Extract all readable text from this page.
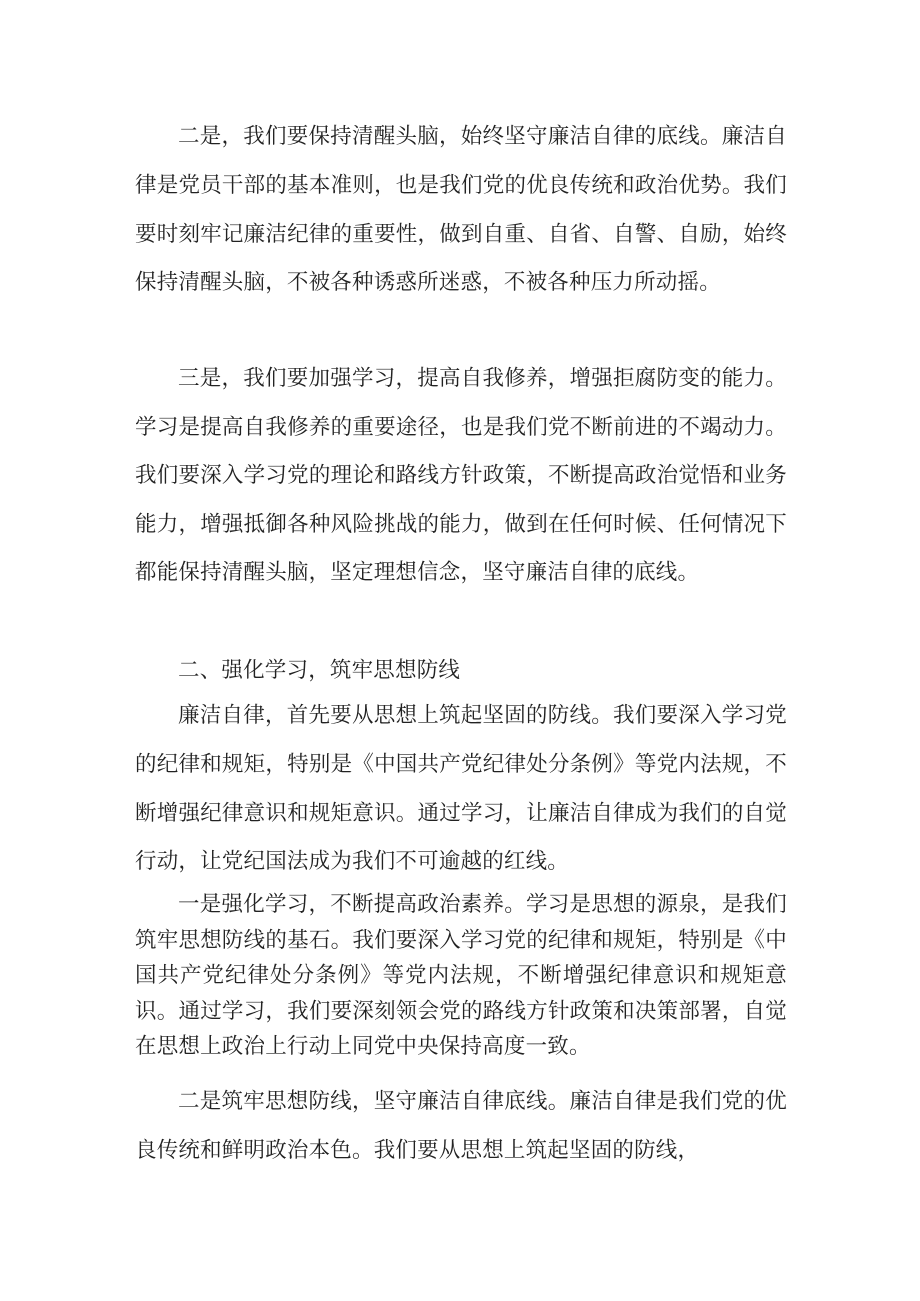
二是，我们要保持清醒头脑，始终坚守廉洁自律的底线。廉洁自律是党员干部的基本准则，也是我们党的优良传统和政治优势。我们要时刻牢记廉洁纪律的重要性，做到自重、自省、自警、自励，始终保持清醒头脑，不被各种诱惑所迷惑，不被各种压力所动摇。

三是，我们要加强学习，提高自我修养，增强拒腐防变的能力。学习是提高自我修养的重要途径，也是我们党不断前进的不竭动力。我们要深入学习党的理论和路线方针政策，不断提高政治觉悟和业务能力，增强抵御各种风险挑战的能力，做到在任何时候、任何情况下都能保持清醒头脑，坚定理想信念，坚守廉洁自律的底线。

二、强化学习，筑牢思想防线

廉洁自律，首先要从思想上筑起坚固的防线。我们要深入学习党的纪律和规矩，特别是《中国共产党纪律处分条例》等党内法规，不断增强纪律意识和规矩意识。通过学习，让廉洁自律成为我们的自觉行动，让党纪国法成为我们不可逾越的红线。

一是强化学习，不断提高政治素养。学习是思想的源泉，是我们筑牢思想防线的基石。我们要深入学习党的纪律和规矩，特别是《中国共产党纪律处分条例》等党内法规，不断增强纪律意识和规矩意识。通过学习，我们要深刻领会党的路线方针政策和决策部署，自觉在思想上政治上行动上同党中央保持高度一致。

二是筑牢思想防线，坚守廉洁自律底线。廉洁自律是我们党的优良传统和鲜明政治本色。我们要从思想上筑起坚固的防线，
